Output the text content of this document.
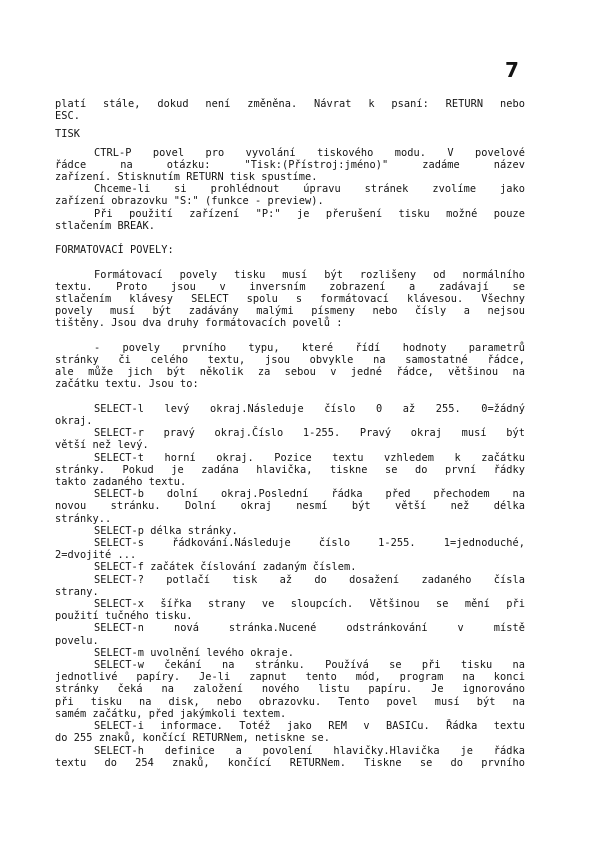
7
platí stále, dokud není změněna. Návrat k psaní: RETURN nebo
ESC.
TISK
CTRL-P povel pro vyvolání tiskového modu. V povelové
řádce na otázku: "Tisk:(Přístroj:jméno)" zadáme název
zařízení. Stisknutím RETURN tisk spustíme.
Chceme-li si prohlédnout úpravu stránek zvolíme jako
zařízení obrazovku "S:" (funkce - preview).
Při použití zařízení "P:" je přerušení tisku možné pouze
stlačením BREAK.
FORMATOVACÍ POVELY:
Formátovací povely tisku musí být rozlišeny od normálního
textu. Proto jsou v inversním zobrazení a zadávají se
stlačením klávesy SELECT spolu s formátovací klávesou. Všechny
povely musí být zadávány malými písmeny nebo čísly a nejsou
tištěny. Jsou dva druhy formátovacích povelů :
- povely prvního typu, které řídí hodnoty parametrů
stránky či celého textu, jsou obvykle na samostatné řádce,
ale může jich být několik za sebou v jedné řádce, většinou na
začátku textu. Jsou to:
SELECT-l levý okraj.Následuje číslo 0 až 255. 0=žádný
okraj.
SELECT-r pravý okraj.Číslo 1-255. Pravý okraj musí být
větší než levý.
SELECT-t horní okraj. Pozice textu vzhledem k začátku
stránky. Pokud je zadána hlavička, tiskne se do první řádky
takto zadaného textu.
SELECT-b dolní okraj.Poslední řádka před přechodem na
novou stránku. Dolní okraj nesmí být větší než délka
stránky..
SELECT-p délka stránky.
SELECT-s řádkování.Následuje číslo 1-255. 1=jednoduché,
2=dvojité ...
SELECT-f začátek číslování zadaným číslem.
SELECT-? potlačí tisk až do dosažení zadaného čísla
strany.
SELECT-x šířka strany ve sloupcích. Většinou se mění při
použití tučného tisku.
SELECT-n nová stránka.Nucené odstránkování v místě
povelu.
SELECT-m uvolnění levého okraje.
SELECT-w čekání na stránku. Používá se při tisku na
jednotlivé papíry. Je-li zapnut tento mód, program na konci
stránky čeká na založení nového listu papíru. Je ignorováno
při tisku na disk, nebo obrazovku. Tento povel musí být na
samém začátku, před jakýmkoli textem.
SELECT-i informace. Totéž jako REM v BASICu. Řádka textu
do 255 znaků, končící RETURNem, netiskne se.
SELECT-h definice a povolení hlavičky.Hlavička je řádka
textu do 254 znaků, končící RETURNem. Tiskne se do prvního
